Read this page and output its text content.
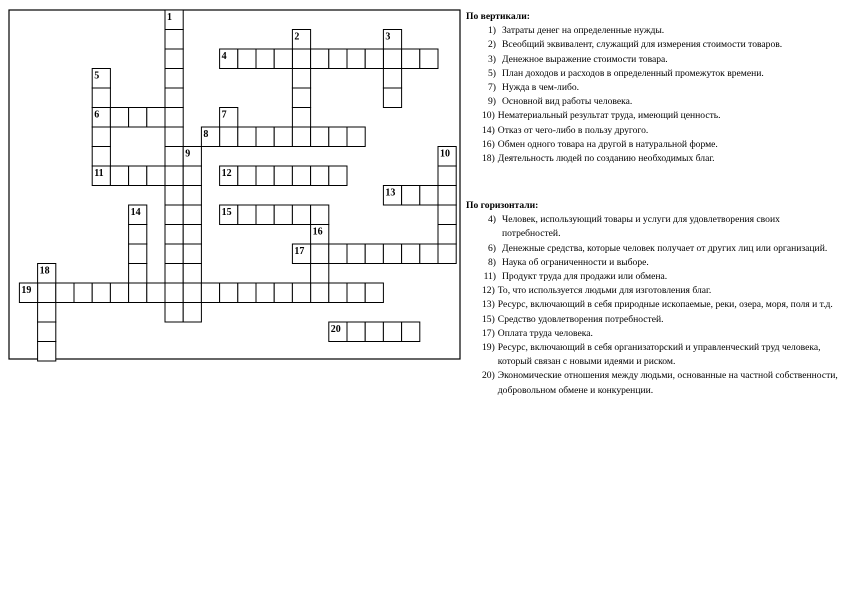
1
2	3
4
5
6	7
8
9	10
11	12
13
14	15
16
17
18
19
20
По вертикали:
1) Затраты денег на определенные нужды.
2) Всеобщий эквивалент, служащий для измерения стоимости товаров.
3) Денежное выражение стоимости товара.
5) План доходов и расходов в определенный промежуток времени.
7) Нужда в чем-либо.
9) Основной вид работы человека.
10) Нематериальный результат труда, имеющий ценность.
14) Отказ от чего-либо в пользу другого.
16) Обмен одного товара на другой в натуральной форме.
18) Деятельность людей по созданию необходимых благ.
По горизонтали:
4) Человек, использующий товары и услуги для удовлетворения своих потребностей.
6) Денежные средства, которые человек получает от других лиц или организаций.
8) Наука об ограниченности и выборе.
11) Продукт труда для продажи или обмена.
12) То, что используется людьми для изготовления благ.
13) Ресурс, включающий в себя природные ископаемые, реки, озера, моря, поля и т.д.
15) Средство удовлетворения потребностей.
17) Оплата труда человека.
19) Ресурс, включающий в себя организаторский и управленческий труд человека, который связан с новыми идеями и риском.
20) Экономические отношения между людьми, основанные на частной собственности, добровольном обмене и конкуренции.
